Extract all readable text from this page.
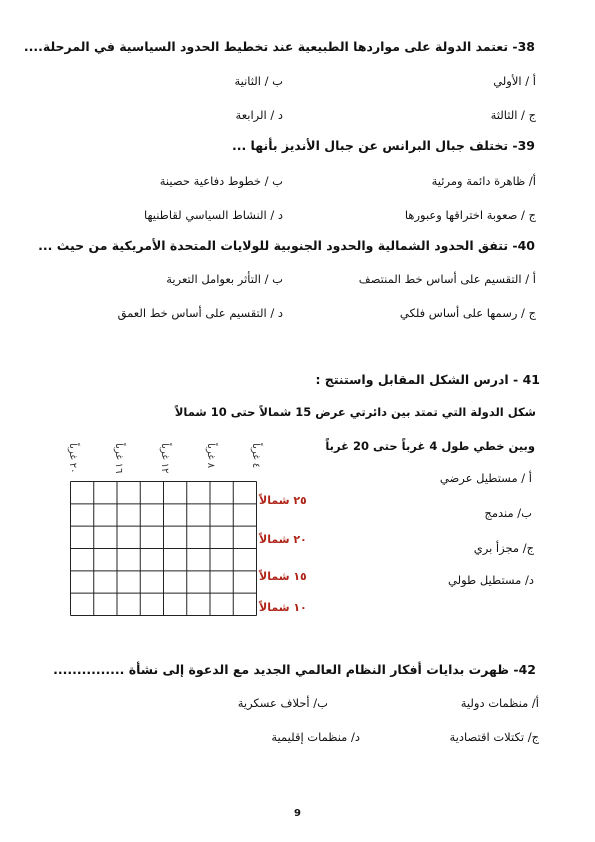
38- تعتمد الدولة على مواردها الطبيعية عند تخطيط الحدود السياسية في المرحلة....
أ / الأولي
ب / الثانية
ج / الثالثة
د / الرابعة
39- تختلف جبال البرانس عن جبال الأنديز بأنها ...
أ/ ظاهرة دائمة ومرئية
ب / خطوط دفاعية حصينة
ج / صعوبة اختراقها وعبورها
د / النشاط السياسي لقاطنيها
40- تتفق الحدود الشمالية والحدود الجنوبية للولايات المتحدة الأمريكية من حيث ...
أ / التقسيم على أساس خط المنتصف
ب / التأثر بعوامل التعرية
ج / رسمها على أساس فلكي
د / التقسيم على أساس خط العمق
41 - ادرس الشكل المقابل واستنتج :
شكل الدولة التي تمتد بين دائرتي عرض 15 شمالاً حتى 10 شمالاً
وبين خطي طول 4 غرباً حتى 20 غرباً
أ / مستطيل عرضي
ب/ مندمج
ج/ مجزأ بري
د/ مستطيل طولي
٢٠ غرباً
١٦ غرباً
١٢ غرباً
٨ غرباً
٤ غرباً
٢٥ شمالاً
٢٠ شمالاً
١٥ شمالاً
١٠ شمالاً
42- ظهرت بدايات أفكار النظام العالمي الجديد مع الدعوة إلى نشأة ...............
أ/ منظمات دولية
ب/ أحلاف عسكرية
ج/ تكتلات اقتصادية
د/ منظمات إقليمية
9
